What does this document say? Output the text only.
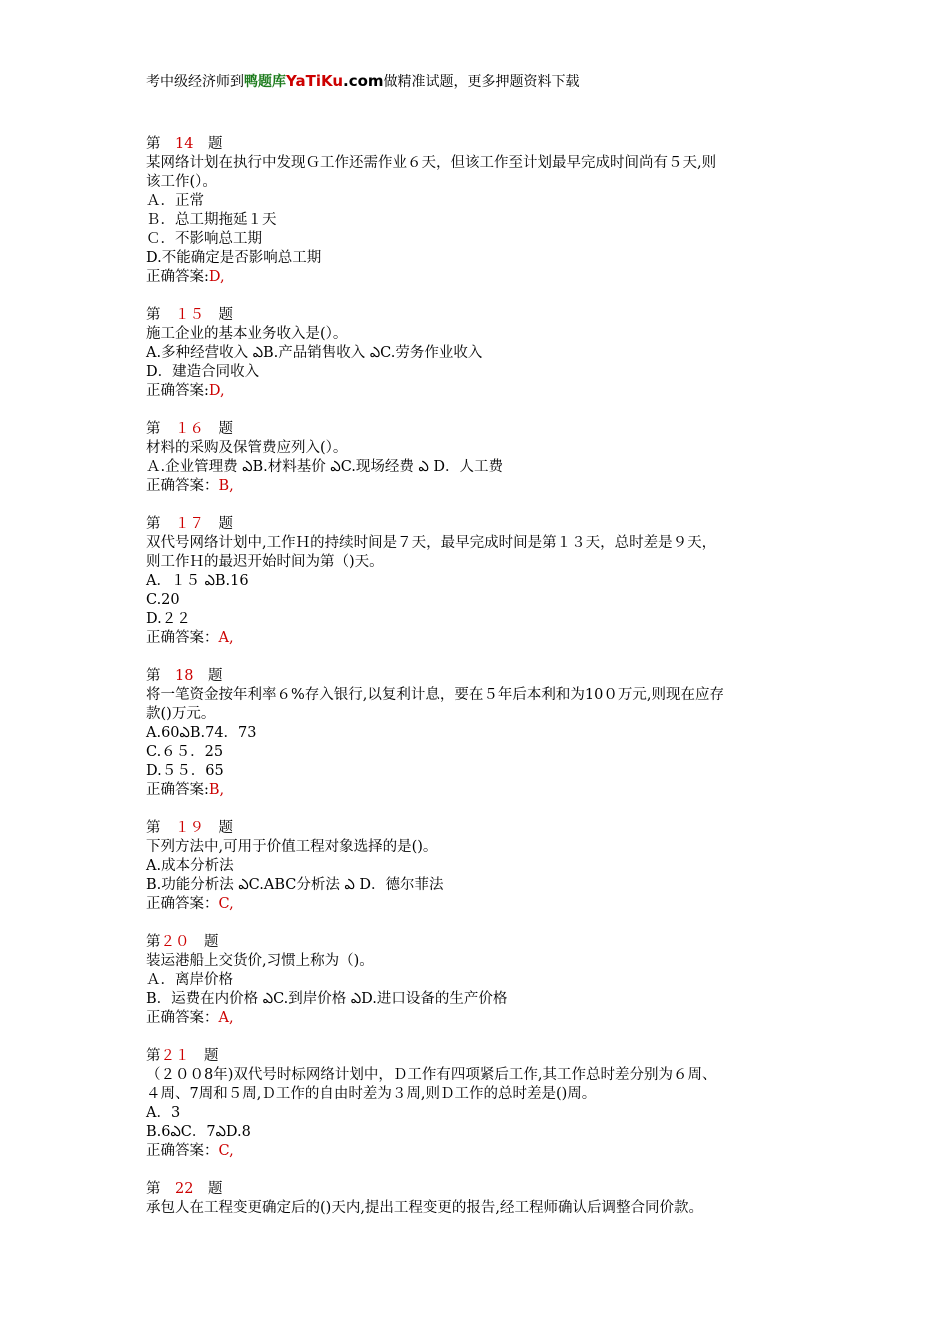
考中级经济师到鸭题库YaTiKu.com做精准试题，更多押题资料下载
第　14　题
某网络计划在执行中发现Ｇ工作还需作业６天，但该工作至计划最早完成时间尚有５天,则
该工作(）。
Ａ．正常
Ｂ．总工期拖延１天
Ｃ．不影响总工期
D.不能确定是否影响总工期
正确答案:D,
第　１５　题
施工企业的基本业务收入是(）。
A.多种经营收入 ఎB.产品销售收入 ఎC.劳务作业收入
D．建造合同收入
正确答案:D,
第　１６　题
材料的采购及保管费应列入(）。
Ａ.企业管理费 ఎB.材料基价 ఎC.现场经费 ఎ D．人工费
正确答案：B,
第　１７　题
双代号网络计划中,工作Ｈ的持续时间是７天，最早完成时间是第１３天，总时差是９天，
则工作Ｈ的最迟开始时间为第（)天。
A．１５ ఎB.16
C.20
D.２２
正确答案：A,
第　18　题
将一笔资金按年利率６%存入银行,以复利计息，要在５年后本利和为10０万元,则现在应存
款()万元。
A.60ఎB.74．73
C.６５．25
D.５５．65
正确答案:B,
第　１９　题
下列方法中,可用于价值工程对象选择的是()。
A.成本分析法
B.功能分析法 ఎC.ABC分析法 ఎ D．德尔菲法
正确答案：C,
第２０　题
装运港船上交货价,习惯上称为（)。
Ａ．离岸价格
B．运费在内价格 ఎC.到岸价格 ఎD.进口设备的生产价格
正确答案：A,
第２１　题
（２００8年)双代号时标网络计划中，Ｄ工作有四项紧后工作,其工作总时差分别为６周、
４周、7周和５周,Ｄ工作的自由时差为３周,则Ｄ工作的总时差是()周。
A．3
B.6ఎC．7ఎD.8
正确答案：C,
第　22　题
承包人在工程变更确定后的()天内,提出工程变更的报告,经工程师确认后调整合同价款。
